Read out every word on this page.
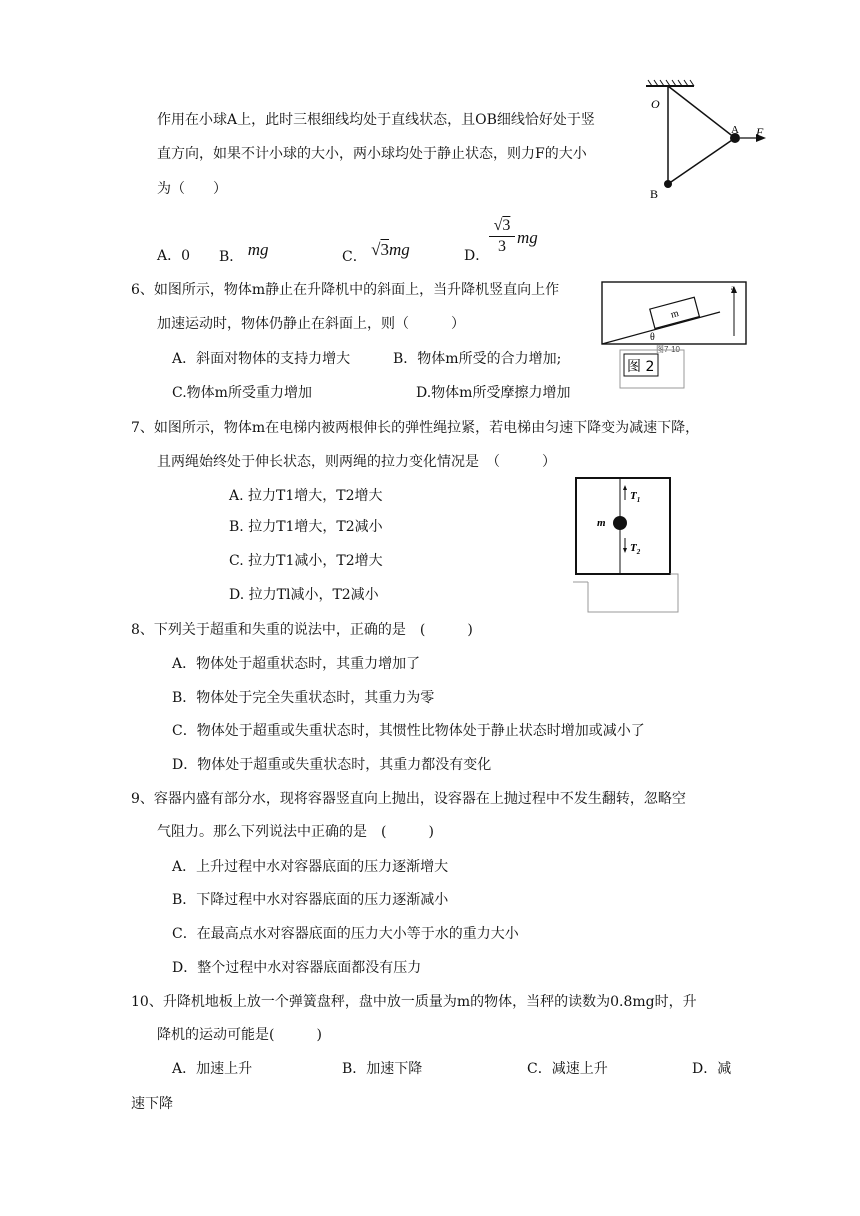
作用在小球A上，此时三根细线均处于直线状态，且OB细线恰好处于竖
直方向，如果不计小球的大小，两小球均处于静止状态，则力F的大小
为（　　）
A．0 B． mg	C． √3mg	D． $\frac{√3}{3}$ mg
O
A F
B
6、如图所示，物体m静止在升降机中的斜面上，当升降机竖直向上作
加速运动时，物体仍静止在斜面上，则（　　　）
A．斜面对物体的支持力增大	B．物体m所受的合力增加;
C.物体m所受重力增加	D.物体m所受摩擦力增加
m
θ
a
图7-10
图 2
7、如图所示，物体m在电梯内被两根伸长的弹性绳拉紧，若电梯由匀速下降变为减速下降，
且两绳始终处于伸长状态，则两绳的拉力变化情况是　（　　　）
A. 拉力T1增大，T2增大
B. 拉力T1增大，T2减小
C. 拉力T1减小，T2增大
D. 拉力Tl减小，T2减小
m
$T_1$
$T_2$
8、下列关于超重和失重的说法中，正确的是　(　　　)
A．物体处于超重状态时，其重力增加了
B．物体处于完全失重状态时，其重力为零
C．物体处于超重或失重状态时，其惯性比物体处于静止状态时增加或减小了
D．物体处于超重或失重状态时，其重力都没有变化
9、容器内盛有部分水，现将容器竖直向上抛出，设容器在上抛过程中不发生翻转，忽略空
气阻力。那么下列说法中正确的是　(　　　)
A．上升过程中水对容器底面的压力逐渐增大
B．下降过程中水对容器底面的压力逐渐减小
C．在最高点水对容器底面的压力大小等于水的重力大小
D．整个过程中水对容器底面都没有压力
10、升降机地板上放一个弹簧盘秤，盘中放一质量为m的物体，当秤的读数为0.8mg时，升
降机的运动可能是(　　　)
A．加速上升	B．加速下降	C．减速上升	D．减
速下降
